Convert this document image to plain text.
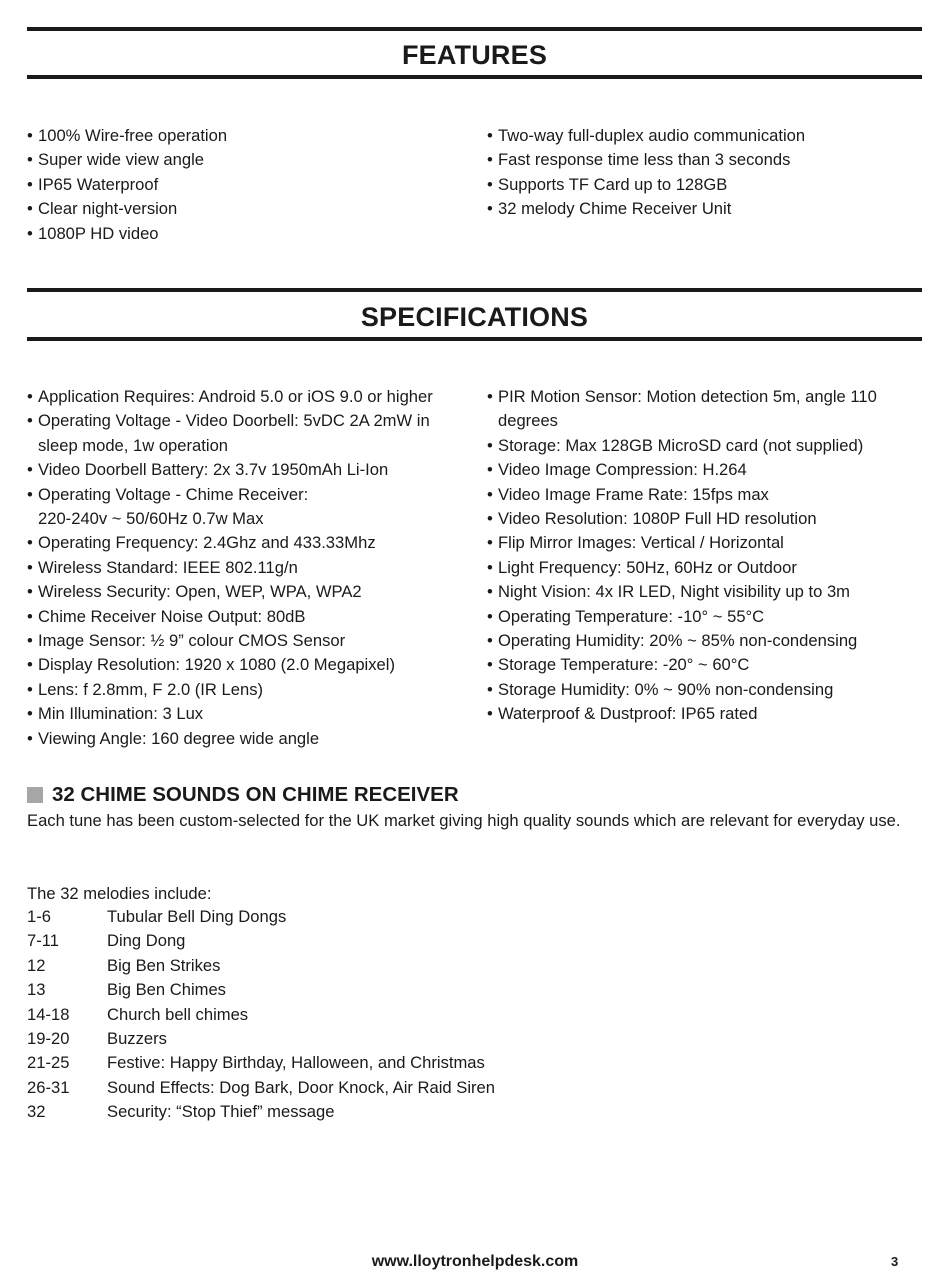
FEATURES
• 100% Wire-free operation
• Super wide view angle
• IP65 Waterproof
• Clear night-version
• 1080P HD video
• Two-way full-duplex audio communication
• Fast response time less than 3 seconds
• Supports TF Card up to 128GB
• 32 melody Chime Receiver Unit
SPECIFICATIONS
• Application Requires: Android 5.0 or iOS 9.0 or higher
• Operating Voltage - Video Doorbell: 5vDC 2A 2mW in sleep mode, 1w operation
• Video Doorbell Battery: 2x 3.7v 1950mAh Li-Ion
• Operating Voltage - Chime Receiver: 220-240v ~ 50/60Hz 0.7w Max
• Operating Frequency: 2.4Ghz and 433.33Mhz
• Wireless Standard: IEEE 802.11g/n
• Wireless Security: Open, WEP, WPA, WPA2
• Chime Receiver Noise Output: 80dB
• Image Sensor: ½ 9” colour CMOS Sensor
• Display Resolution: 1920 x 1080 (2.0 Megapixel)
• Lens: f 2.8mm, F 2.0 (IR Lens)
• Min Illumination: 3 Lux
• Viewing Angle: 160 degree wide angle
• PIR Motion Sensor: Motion detection 5m, angle 110 degrees
• Storage: Max 128GB MicroSD card (not supplied)
• Video Image Compression: H.264
• Video Image Frame Rate: 15fps max
• Video Resolution: 1080P Full HD resolution
• Flip Mirror Images: Vertical / Horizontal
• Light Frequency: 50Hz, 60Hz or Outdoor
• Night Vision: 4x IR LED, Night visibility up to 3m
• Operating Temperature: -10° ~ 55°C
• Operating Humidity: 20% ~ 85% non-condensing
• Storage Temperature: -20° ~ 60°C
• Storage Humidity: 0% ~ 90% non-condensing
• Waterproof & Dustproof: IP65 rated
32 CHIME SOUNDS ON CHIME RECEIVER
Each tune has been custom-selected for the UK market giving high quality sounds which are relevant for everyday use.
The 32 melodies include:
1-6	Tubular Bell Ding Dongs
7-11	Ding Dong
12	Big Ben Strikes
13	Big Ben Chimes
14-18	Church bell chimes
19-20	Buzzers
21-25	Festive: Happy Birthday, Halloween, and Christmas
26-31	Sound Effects: Dog Bark, Door Knock, Air Raid Siren
32	Security: “Stop Thief” message
www.lloytronhelpdesk.com	3
